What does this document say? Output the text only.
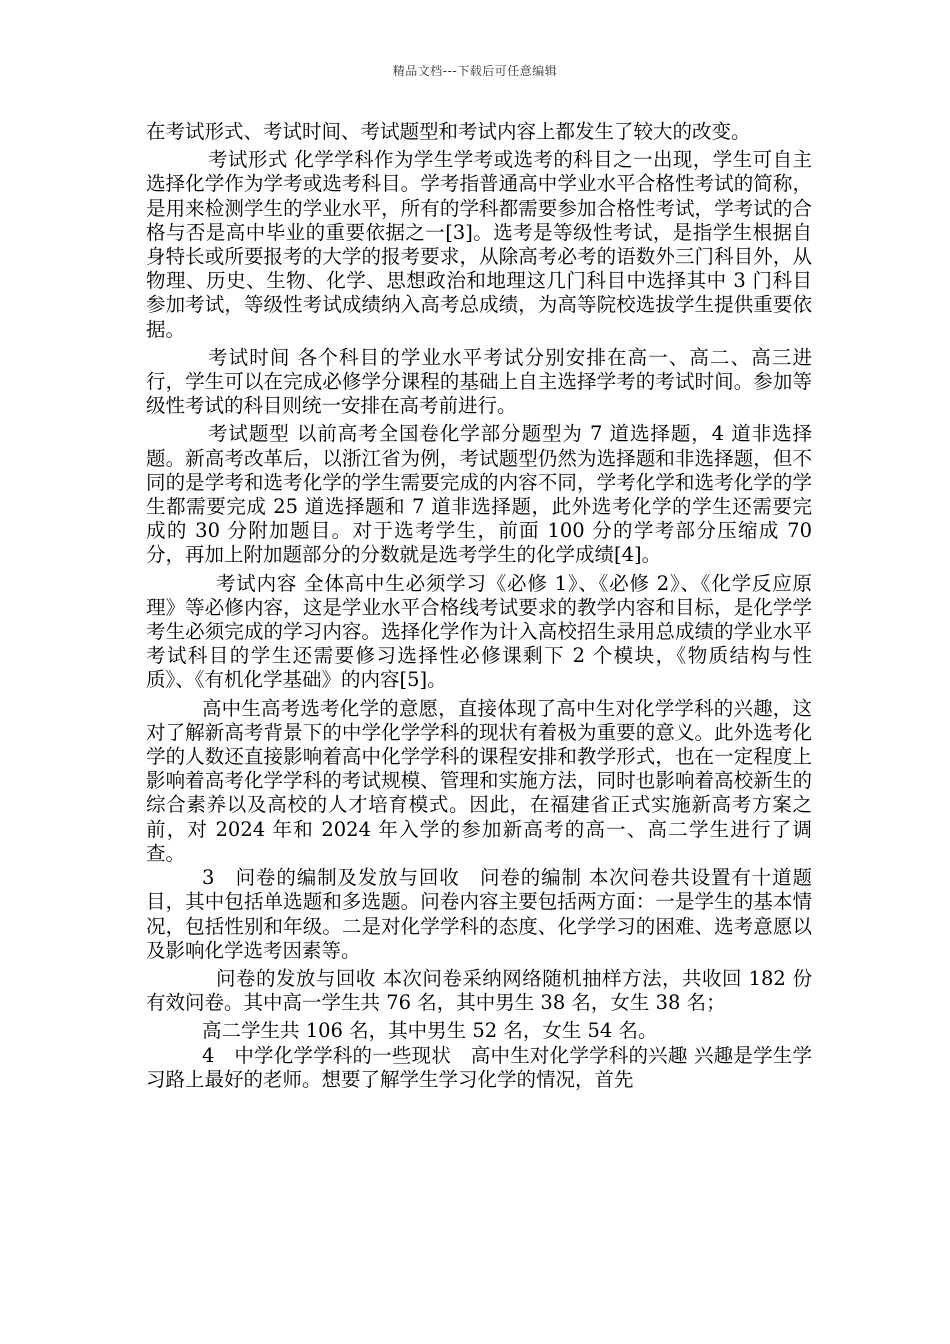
精品文档---下载后可任意编辑

在考试形式、考试时间、考试题型和考试内容上都发生了较大的改变。

考试形式 化学学科作为学生学考或选考的科目之一出现，学生可自主选择化学作为学考或选考科目。学考指普通高中学业水平合格性考试的简称，是用来检测学生的学业水平，所有的学科都需要参加合格性考试，学考试的合格与否是高中毕业的重要依据之一[3]。选考是等级性考试，是指学生根据自身特长或所要报考的大学的报考要求，从除高考必考的语数外三门科目外，从物理、历史、生物、化学、思想政治和地理这几门科目中选择其中 3 门科目参加考试，等级性考试成绩纳入高考总成绩，为高等院校选拔学生提供重要依据。

考试时间 各个科目的学业水平考试分别安排在高一、高二、高三进行，学生可以在完成必修学分课程的基础上自主选择学考的考试时间。参加等级性考试的科目则统一安排在高考前进行。

考试题型 以前高考全国卷化学部分题型为 7 道选择题，4 道非选择题。新高考改革后，以浙江省为例，考试题型仍然为选择题和非选择题，但不同的是学考和选考化学的学生需要完成的内容不同，学考化学和选考化学的学生都需要完成 25 道选择题和 7 道非选择题，此外选考化学的学生还需要完成的 30 分附加题目。对于选考学生，前面 100 分的学考部分压缩成 70 分，再加上附加题部分的分数就是选考学生的化学成绩[4]。

考试内容 全体高中生必须学习《必修 1》、《必修 2》、《化学反应原理》等必修内容，这是学业水平合格线考试要求的教学内容和目标，是化学学考生必须完成的学习内容。选择化学作为计入高校招生录用总成绩的学业水平考试科目的学生还需要修习选择性必修课剩下 2 个模块，《物质结构与性质》、《有机化学基础》的内容[5]。

高中生高考选考化学的意愿，直接体现了高中生对化学学科的兴趣，这对了解新高考背景下的中学化学学科的现状有着极为重要的意义。此外选考化学的人数还直接影响着高中化学学科的课程安排和教学形式，也在一定程度上影响着高考化学学科的考试规模、管理和实施方法，同时也影响着高校新生的综合素养以及高校的人才培育模式。因此，在福建省正式实施新高考方案之前，对 2024 年和 2024 年入学的参加新高考的高一、高二学生进行了调查。

3　问卷的编制及发放与回收　问卷的编制 本次问卷共设置有十道题目，其中包括单选题和多选题。问卷内容主要包括两方面：一是学生的基本情况，包括性别和年级。二是对化学学科的态度、化学学习的困难、选考意愿以及影响化学选考因素等。

问卷的发放与回收 本次问卷采纳网络随机抽样方法，共收回 182 份有效问卷。其中高一学生共 76 名，其中男生 38 名，女生 38 名；

高二学生共 106 名，其中男生 52 名，女生 54 名。

4　中学化学学科的一些现状　高中生对化学学科的兴趣 兴趣是学生学习路上最好的老师。想要了解学生学习化学的情况，首先
